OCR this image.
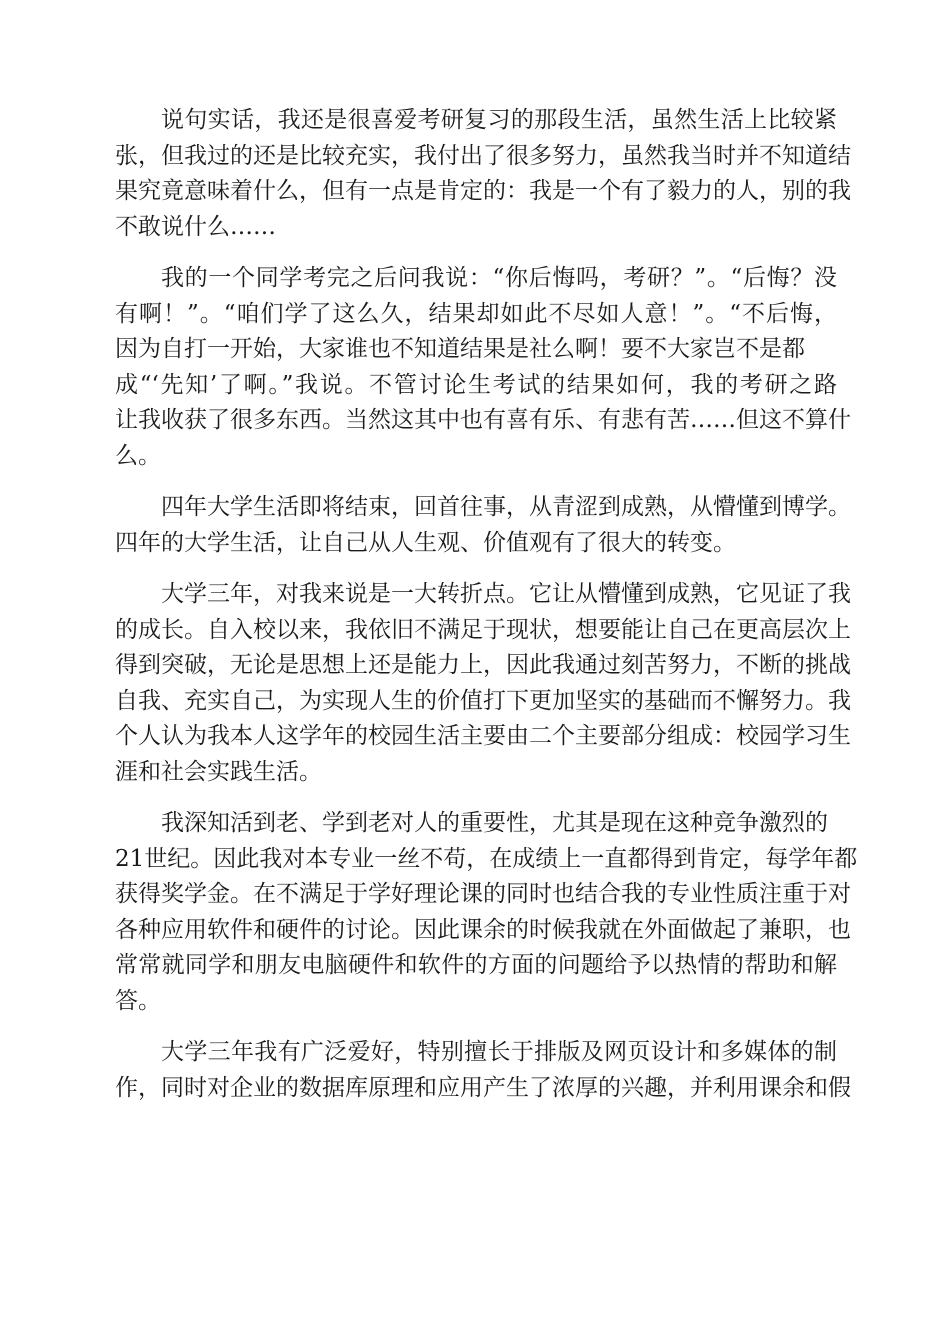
说句实话，我还是很喜爱考研复习的那段生活，虽然生活上比较紧
张，但我过的还是比较充实，我付出了很多努力，虽然我当时并不知道结
果究竟意味着什么，但有一点是肯定的：我是一个有了毅力的人，别的我
不敢说什么……

我的一个同学考完之后问我说：“你后悔吗，考研？”。“后悔？没
有啊！”。“咱们学了这么久，结果却如此不尽如人意！”。“不后悔，
因为自打一开始，大家谁也不知道结果是社么啊！要不大家岂不是都
成“‘先知’了啊。”我说。不管讨论生考试的结果如何，我的考研之路
让我收获了很多东西。当然这其中也有喜有乐、有悲有苦……但这不算什
么。

四年大学生活即将结束，回首往事，从青涩到成熟，从懵懂到博学。
四年的大学生活，让自己从人生观、价值观有了很大的转变。

大学三年，对我来说是一大转折点。它让从懵懂到成熟，它见证了我
的成长。自入校以来，我依旧不满足于现状，想要能让自己在更高层次上
得到突破，无论是思想上还是能力上，因此我通过刻苦努力，不断的挑战
自我、充实自己，为实现人生的价值打下更加坚实的基础而不懈努力。我
个人认为我本人这学年的校园生活主要由二个主要部分组成：校园学习生
涯和社会实践生活。

我深知活到老、学到老对人的重要性，尤其是现在这种竞争激烈的
21世纪。因此我对本专业一丝不苟，在成绩上一直都得到肯定，每学年都
获得奖学金。在不满足于学好理论课的同时也结合我的专业性质注重于对
各种应用软件和硬件的讨论。因此课余的时候我就在外面做起了兼职，也
常常就同学和朋友电脑硬件和软件的方面的问题给予以热情的帮助和解
答。

大学三年我有广泛爱好，特别擅长于排版及网页设计和多媒体的制
作，同时对企业的数据库原理和应用产生了浓厚的兴趣，并利用课余和假
